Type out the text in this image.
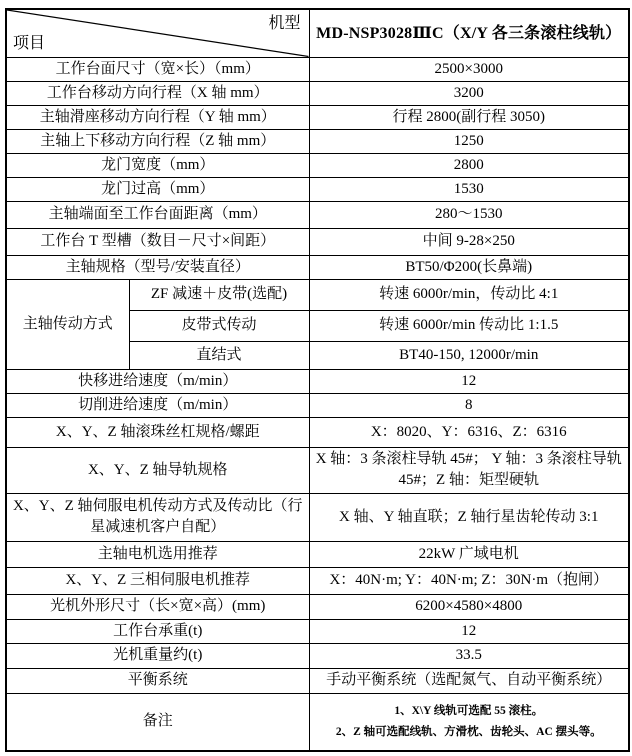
机型
项目		MD-NSP3028ⅢC（X/Y 各三条滚柱线轨）
工作台面尺寸（宽×长）（mm）		2500×3000
工作台移动方向行程（X 轴 mm）		3200
主轴滑座移动方向行程（Y 轴 mm）		行程 2800(副行程 3050)
主轴上下移动方向行程（Z 轴 mm）		1250
龙门宽度（mm）		2800
龙门过高（mm）		1530
主轴端面至工作台面距离（mm）		280～1530
工作台 T 型槽（数目－尺寸×间距）		中间 9-28×250
主轴规格（型号/安装直径）		BT50/Φ200(长鼻端)
主轴传动方式	ZF 减速＋皮带(选配)	转速 6000r/min，传动比 4:1
	皮带式传动	转速 6000r/min 传动比 1:1.5
	直结式	BT40-150, 12000r/min
快移进给速度（m/min）		12
切削进给速度（m/min）		8
X、Y、Z 轴滚珠丝杠规格/螺距		X：8020、Y：6316、Z：6316
X、Y、Z 轴导轨规格		X 轴：3 条滚柱导轨 45#； Y 轴：3 条滚柱导轨 45#；Z 轴：矩型硬轨
X、Y、Z 轴伺服电机传动方式及传动比（行星减速机客户自配）		X 轴、Y 轴直联；Z 轴行星齿轮传动 3:1
主轴电机选用推荐		22kW 广域电机
X、Y、Z 三相伺服电机推荐		X：40N·m; Y：40N·m; Z：30N·m（抱闸）
光机外形尺寸（长×宽×高）(mm)		6200×4580×4800
工作台承重(t)		12
光机重量约(t)		33.5
平衡系统		手动平衡系统（选配氮气、自动平衡系统）
备注		1、X\Y 线轨可选配 55 滚柱。
2、Z 轴可选配线轨、方滑枕、齿轮头、AC 摆头等。
